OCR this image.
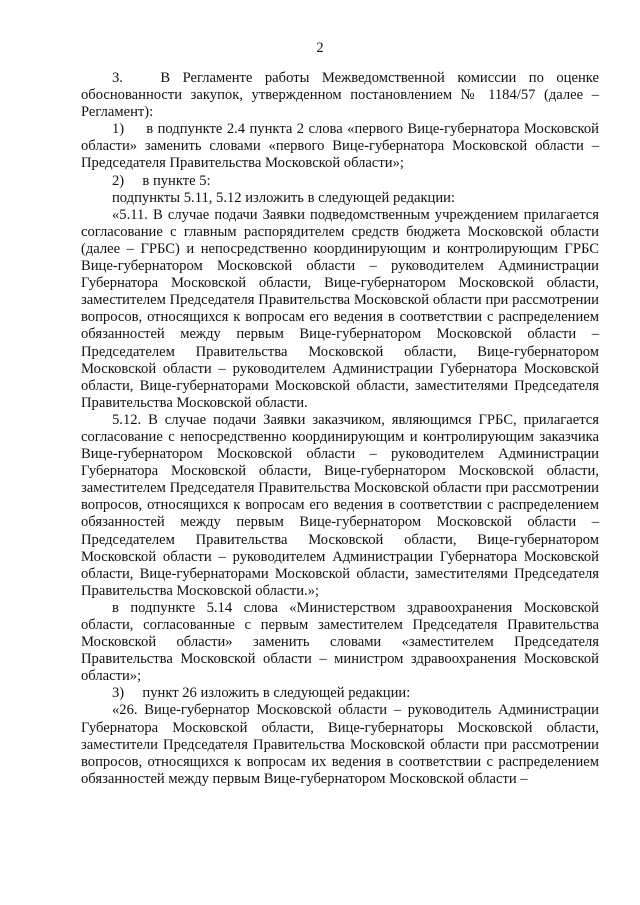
2

3.   В Регламенте работы Межведомственной комиссии по оценке обоснованности закупок, утвержденном постановлением № 1184/57 (далее – Регламент):

1)     в подпункте 2.4 пункта 2 слова «первого Вице-губернатора Московской области» заменить словами «первого Вице-губернатора Московской области – Председателя Правительства Московской области»;

2)     в пункте 5:

подпункты 5.11, 5.12 изложить в следующей редакции:

«5.11. В случае подачи Заявки подведомственным учреждением прилагается согласование с главным распорядителем средств бюджета Московской области (далее – ГРБС) и непосредственно координирующим и контролирующим ГРБС Вице-губернатором Московской области – руководителем Администрации Губернатора Московской области, Вице-губернатором Московской области, заместителем Председателя Правительства Московской области при рассмотрении вопросов, относящихся к вопросам его ведения в соответствии с распределением обязанностей между первым Вице-губернатором Московской области – Председателем Правительства Московской области, Вице-губернатором Московской области – руководителем Администрации Губернатора Московской области, Вице-губернаторами Московской области, заместителями Председателя Правительства Московской области.

5.12. В случае подачи Заявки заказчиком, являющимся ГРБС, прилагается согласование с непосредственно координирующим и контролирующим заказчика Вице-губернатором Московской области – руководителем Администрации Губернатора Московской области, Вице-губернатором Московской области, заместителем Председателя Правительства Московской области при рассмотрении вопросов, относящихся к вопросам его ведения в соответствии с распределением обязанностей между первым Вице-губернатором Московской области – Председателем Правительства Московской области, Вице-губернатором Московской области – руководителем Администрации Губернатора Московской области, Вице-губернаторами Московской области, заместителями Председателя Правительства Московской области.»;

в подпункте 5.14 слова «Министерством здравоохранения Московской области, согласованные с первым заместителем Председателя Правительства Московской области» заменить словами «заместителем Председателя Правительства Московской области – министром здравоохранения Московской области»;

3)     пункт 26 изложить в следующей редакции:

«26. Вице-губернатор Московской области – руководитель Администрации Губернатора Московской области, Вице-губернаторы Московской области, заместители Председателя Правительства Московской области при рассмотрении вопросов, относящихся к вопросам их ведения в соответствии с распределением обязанностей между первым Вице-губернатором Московской области –
